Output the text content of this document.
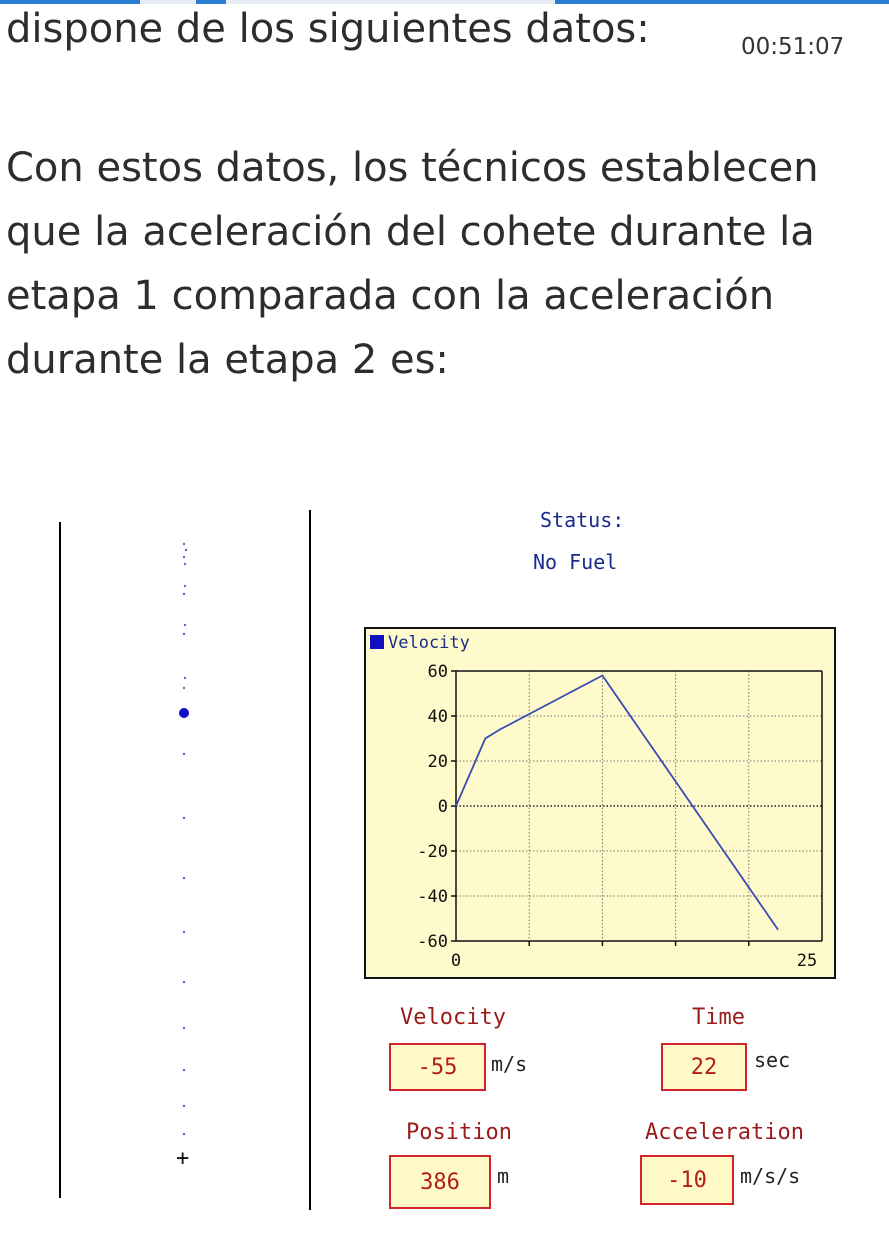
dispone de los siguientes datos:	00:51:07
Con estos datos, los técnicos establecen que la aceleración del cohete durante la etapa 1 comparada con la aceleración durante la etapa 2 es:
+
Status:
No Fuel
Velocity
60
40
20
0
-20
-40
-60
0	25
Velocity	Time
-55	m/s	22	sec
Position	Acceleration
386	m	-10	m/s/s
